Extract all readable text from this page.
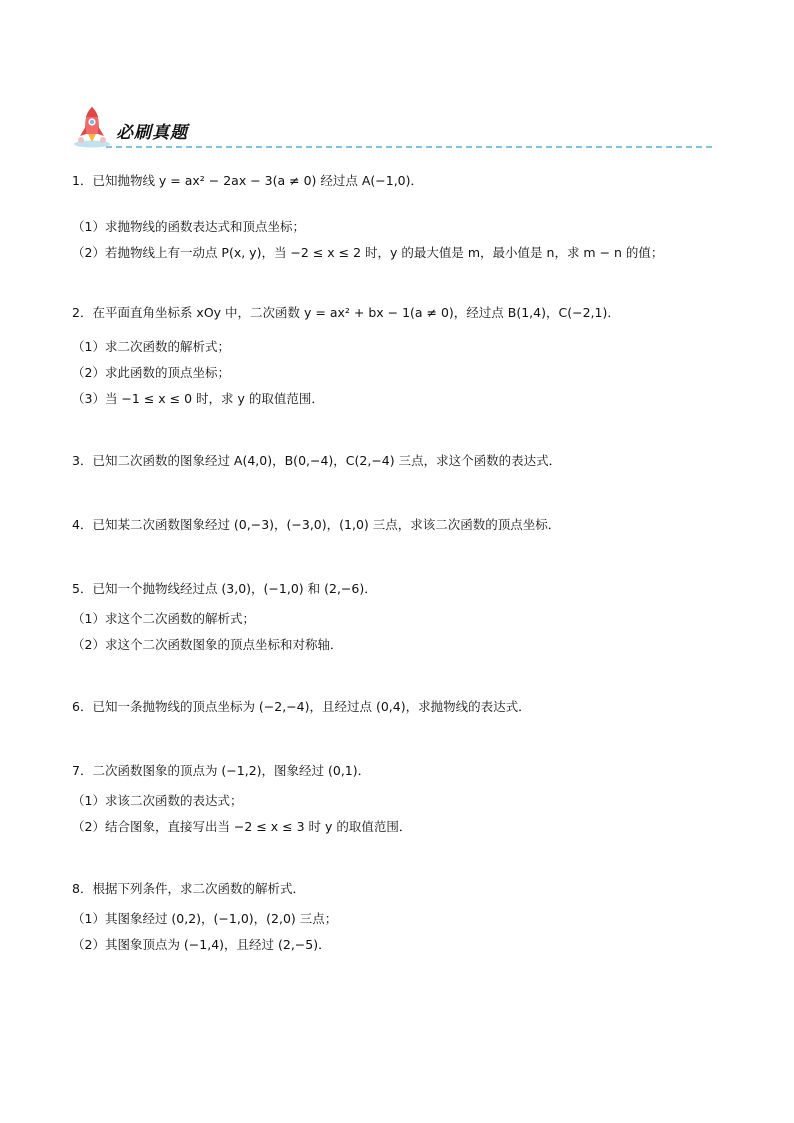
必刷真题

1．已知抛物线 y = ax² − 2ax − 3(a ≠ 0) 经过点 A(−1,0)．

（1）求抛物线的函数表达式和顶点坐标；

（2）若抛物线上有一动点 P(x, y)，当 −2 ≤ x ≤ 2 时，y 的最大值是 m，最小值是 n，求 m − n 的值；

2．在平面直角坐标系 xOy 中，二次函数 y = ax² + bx − 1(a ≠ 0)，经过点 B(1,4)，C(−2,1)．

（1）求二次函数的解析式；

（2）求此函数的顶点坐标；

（3）当 −1 ≤ x ≤ 0 时，求 y 的取值范围．

3．已知二次函数的图象经过 A(4,0)，B(0,−4)，C(2,−4) 三点，求这个函数的表达式．

4．已知某二次函数图象经过 (0,−3)，(−3,0)，(1,0) 三点，求该二次函数的顶点坐标．

5．已知一个抛物线经过点 (3,0)，(−1,0) 和 (2,−6)．

（1）求这个二次函数的解析式；

（2）求这个二次函数图象的顶点坐标和对称轴．

6．已知一条抛物线的顶点坐标为 (−2,−4)，且经过点 (0,4)，求抛物线的表达式．

7．二次函数图象的顶点为 (−1,2)，图象经过 (0,1)．

（1）求该二次函数的表达式；

（2）结合图象，直接写出当 −2 ≤ x ≤ 3 时 y 的取值范围．

8．根据下列条件，求二次函数的解析式．

（1）其图象经过 (0,2)，(−1,0)，(2,0) 三点；

（2）其图象顶点为 (−1,4)，且经过 (2,−5)．
